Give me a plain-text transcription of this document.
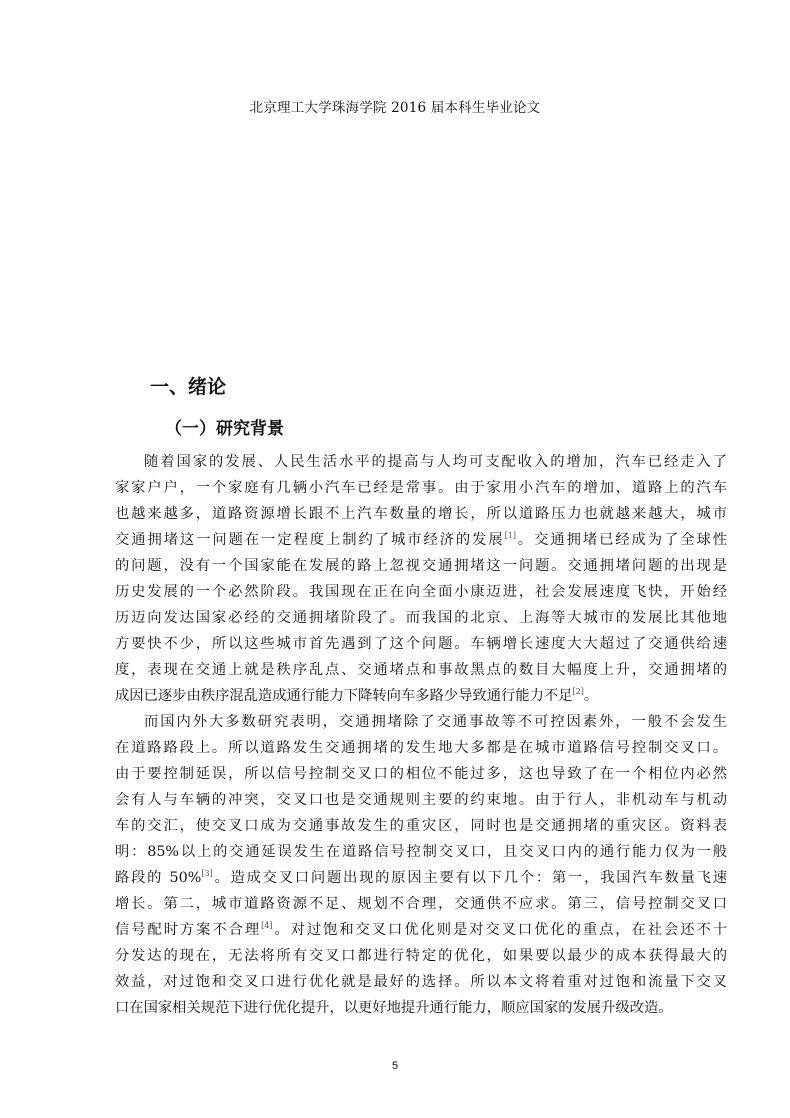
北京理工大学珠海学院 2016 届本科生毕业论文
一、绪论
（一）研究背景
随着国家的发展、人民生活水平的提高与人均可支配收入的增加，汽车已经走入了
家家户户，一个家庭有几辆小汽车已经是常事。由于家用小汽车的增加，道路上的汽车
也越来越多，道路资源增长跟不上汽车数量的增长，所以道路压力也就越来越大，城市
交通拥堵这一问题在一定程度上制约了城市经济的发展[1]。交通拥堵已经成为了全球性
的问题，没有一个国家能在发展的路上忽视交通拥堵这一问题。交通拥堵问题的出现是
历史发展的一个必然阶段。我国现在正在向全面小康迈进，社会发展速度飞快，开始经
历迈向发达国家必经的交通拥堵阶段了。而我国的北京、上海等大城市的发展比其他地
方要快不少，所以这些城市首先遇到了这个问题。车辆增长速度大大超过了交通供给速
度，表现在交通上就是秩序乱点、交通堵点和事故黑点的数目大幅度上升，交通拥堵的
成因已逐步由秩序混乱造成通行能力下降转向车多路少导致通行能力不足[2]。
而国内外大多数研究表明，交通拥堵除了交通事故等不可控因素外，一般不会发生
在道路路段上。所以道路发生交通拥堵的发生地大多都是在城市道路信号控制交叉口。
由于要控制延误，所以信号控制交叉口的相位不能过多，这也导致了在一个相位内必然
会有人与车辆的冲突，交叉口也是交通规则主要的约束地。由于行人，非机动车与机动
车的交汇，使交叉口成为交通事故发生的重灾区，同时也是交通拥堵的重灾区。资料表
明：85%以上的交通延误发生在道路信号控制交叉口，且交叉口内的通行能力仅为一般
路段的 50%[3]。造成交叉口问题出现的原因主要有以下几个：第一，我国汽车数量飞速
增长。第二，城市道路资源不足、规划不合理，交通供不应求。第三，信号控制交叉口
信号配时方案不合理[4]。对过饱和交叉口优化则是对交叉口优化的重点，在社会还不十
分发达的现在，无法将所有交叉口都进行特定的优化，如果要以最少的成本获得最大的
效益，对过饱和交叉口进行优化就是最好的选择。所以本文将着重对过饱和流量下交叉
口在国家相关规范下进行优化提升，以更好地提升通行能力，顺应国家的发展升级改造。
5
